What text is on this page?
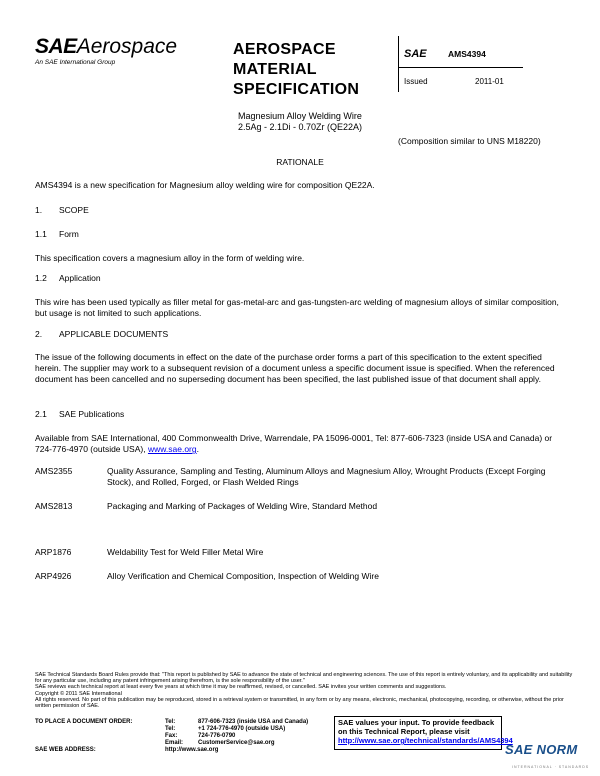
SAEAerospace
An SAE International Group
AEROSPACE
MATERIAL
SPECIFICATION
SAE	AMS4394
Issued	2011-01
Magnesium Alloy Welding Wire
2.5Ag - 2.1Di - 0.70Zr (QE22A)
(Composition similar to UNS M18220)
RATIONALE
AMS4394 is a new specification for Magnesium alloy welding wire for composition QE22A.
1. SCOPE
1.1 Form
This specification covers a magnesium alloy in the form of welding wire.
1.2 Application
This wire has been used typically as filler metal for gas-metal-arc and gas-tungsten-arc welding of magnesium alloys of similar composition, but usage is not limited to such applications.
2. APPLICABLE DOCUMENTS
The issue of the following documents in effect on the date of the purchase order forms a part of this specification to the extent specified herein. The supplier may work to a subsequent revision of a document unless a specific document issue is specified. When the referenced document has been cancelled and no superseding document has been specified, the last published issue of that document shall apply.
2.1 SAE Publications
Available from SAE International, 400 Commonwealth Drive, Warrendale, PA 15096-0001, Tel: 877-606-7323 (inside USA and Canada) or 724-776-4970 (outside USA), www.sae.org.
AMS2355	Quality Assurance, Sampling and Testing, Aluminum Alloys and Magnesium Alloy, Wrought Products (Except Forging Stock), and Rolled, Forged, or Flash Welded Rings
AMS2813	Packaging and Marking of Packages of Welding Wire, Standard Method
ARP1876	Weldability Test for Weld Filler Metal Wire
ARP4926	Alloy Verification and Chemical Composition, Inspection of Welding Wire
SAE Technical Standards Board Rules provide that: "This report is published by SAE to advance the state of technical and engineering sciences. The use of this report is entirely voluntary, and its applicability and suitability for any particular use, including any patent infringement arising therefrom, is the sole responsibility of the user."
SAE reviews each technical report at least every five years at which time it may be reaffirmed, revised, or cancelled. SAE invites your written comments and suggestions.
Copyright © 2011 SAE International
All rights reserved. No part of this publication may be reproduced, stored in a retrieval system or transmitted, in any form or by any means, electronic, mechanical, photocopying, recording, or otherwise, without the prior written permission of SAE.
TO PLACE A DOCUMENT ORDER:	Tel:	877-606-7323 (inside USA and Canada)
	Tel:	+1 724-776-4970 (outside USA)
	Fax:	724-776-0790
	Email:	CustomerService@sae.org
SAE WEB ADDRESS:	http://www.sae.org	
SAE values your input. To provide feedback
on this Technical Report, please visit
http://www.sae.org/technical/standards/AMS4394
SAE NORM
INTERNATIONAL · STANDARDS
